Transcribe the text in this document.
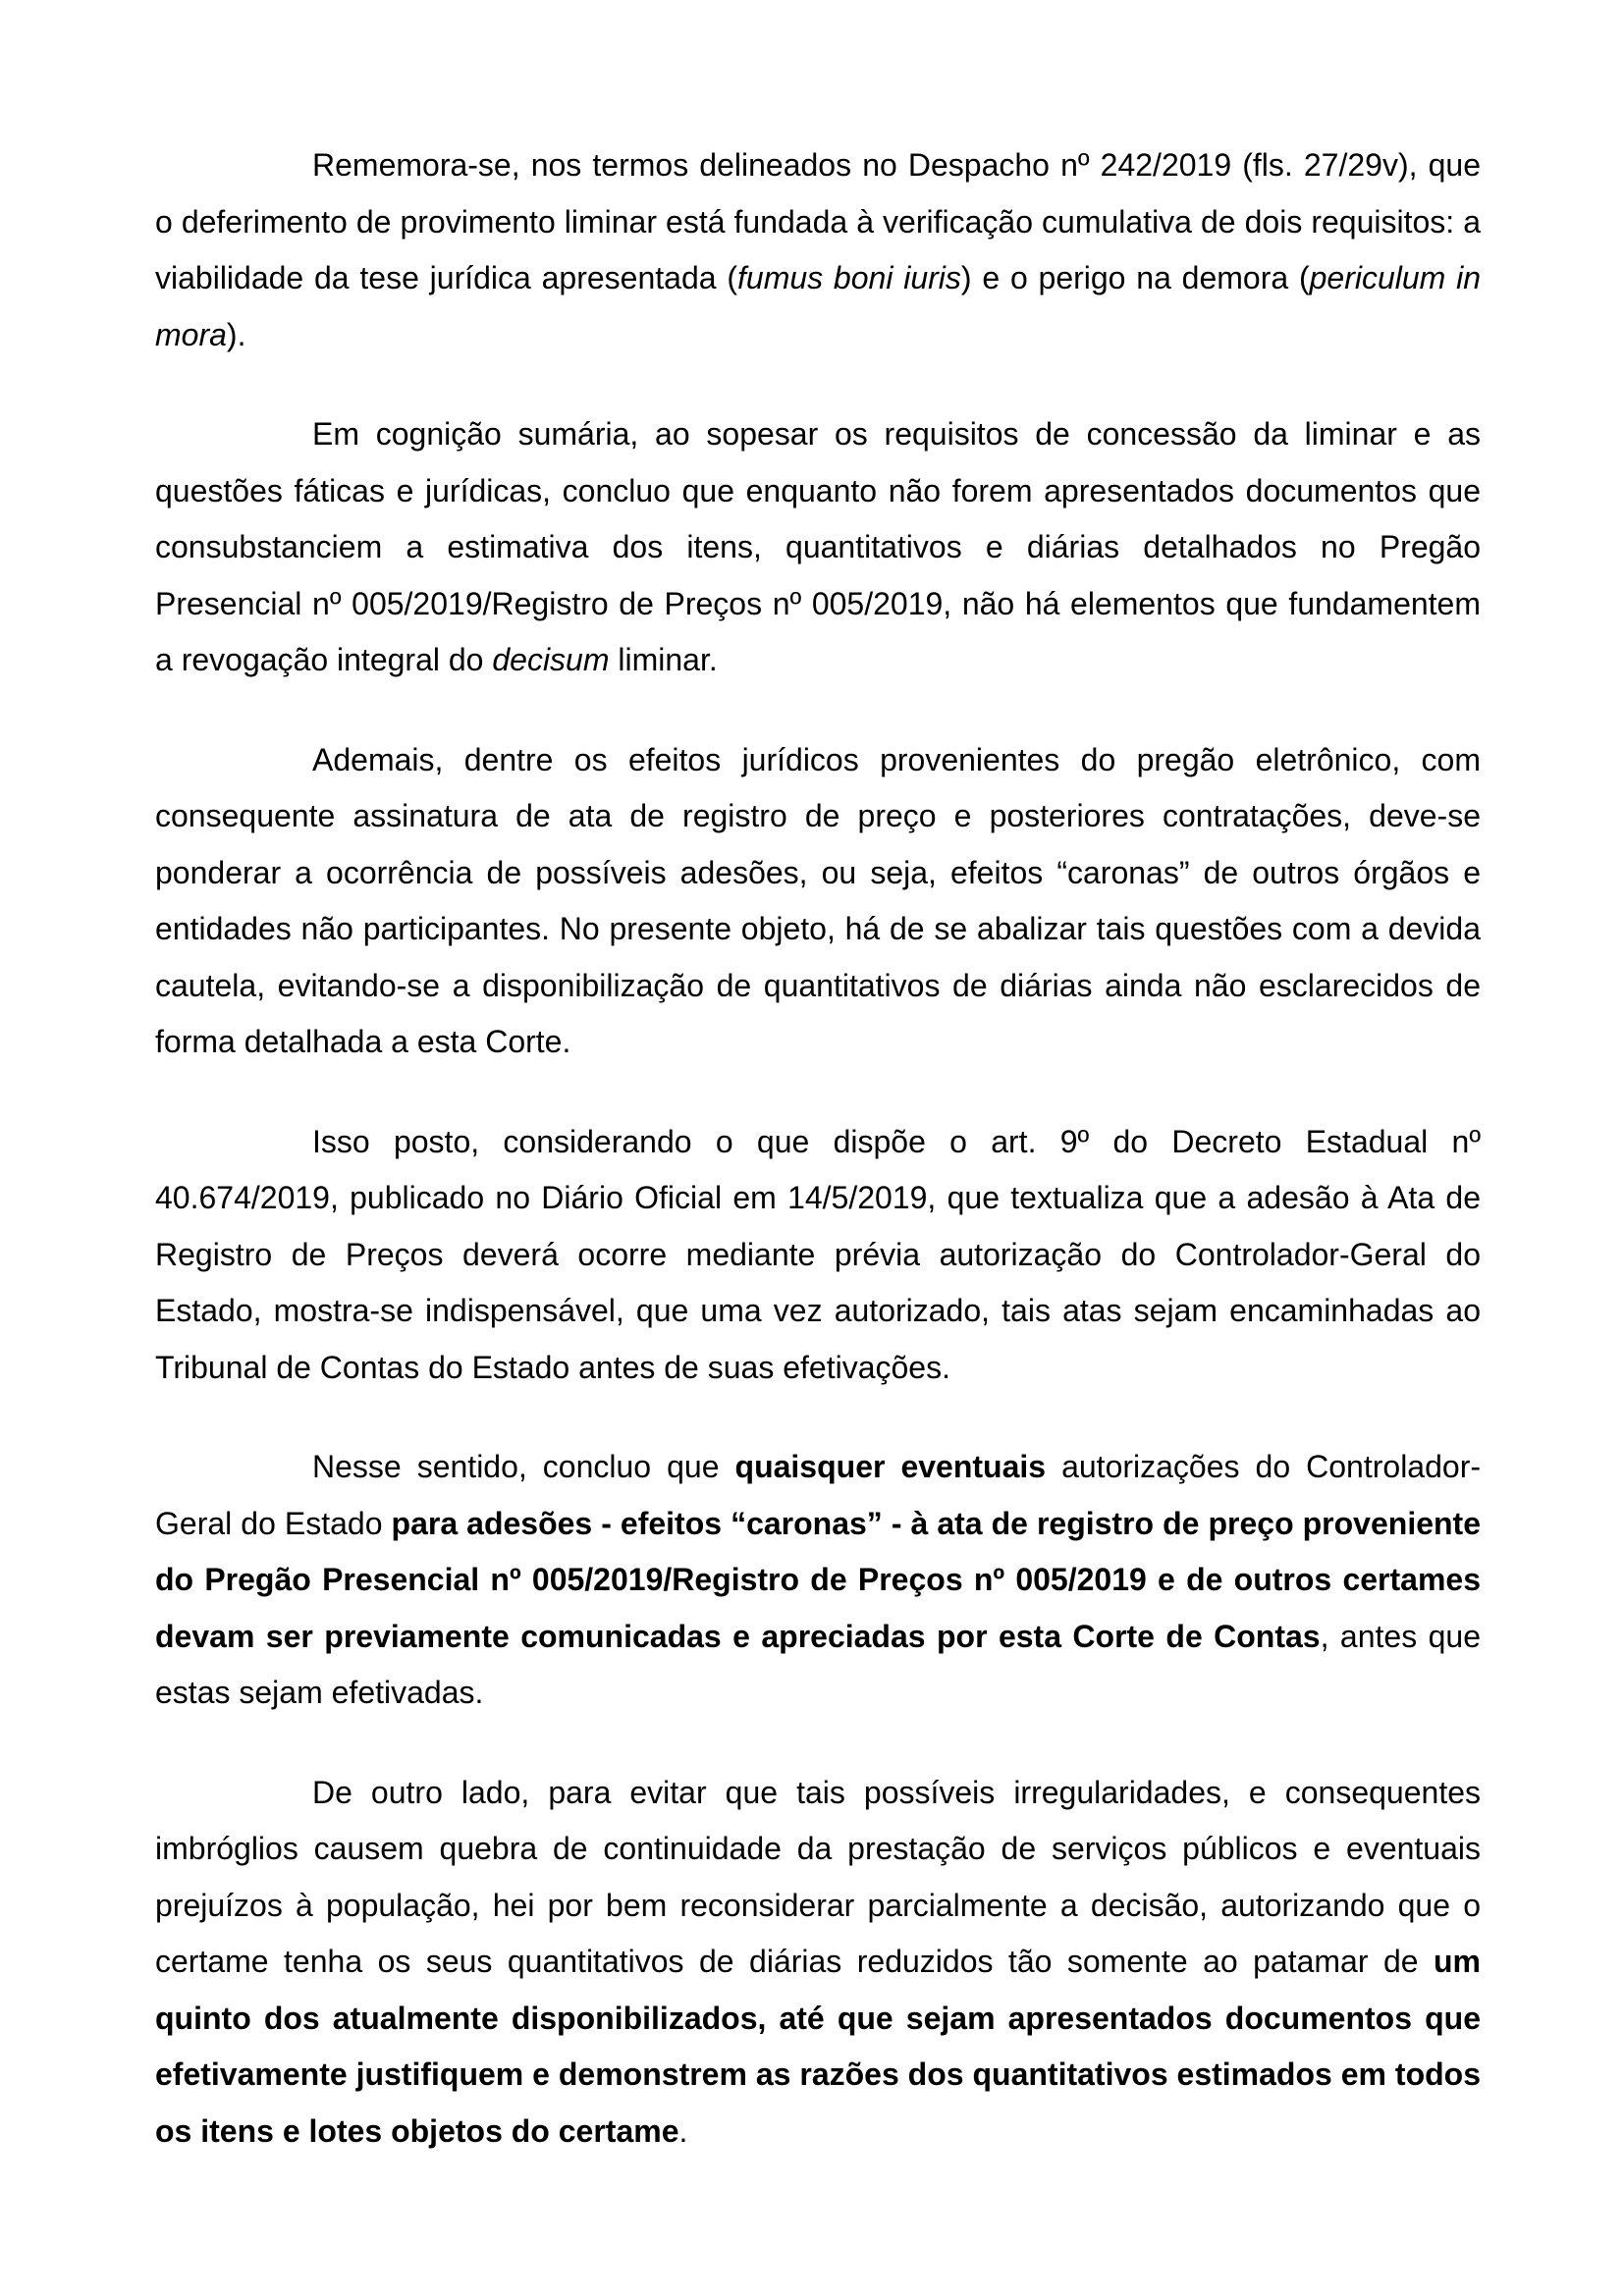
Rememora-se, nos termos delineados no Despacho nº 242/2019 (fls. 27/29v), que o deferimento de provimento liminar está fundada à verificação cumulativa de dois requisitos: a viabilidade da tese jurídica apresentada (fumus boni iuris) e o perigo na demora (periculum in mora).

Em cognição sumária, ao sopesar os requisitos de concessão da liminar e as questões fáticas e jurídicas, concluo que enquanto não forem apresentados documentos que consubstanciem a estimativa dos itens, quantitativos e diárias detalhados no Pregão Presencial nº 005/2019/Registro de Preços nº 005/2019, não há elementos que fundamentem a revogação integral do decisum liminar.

Ademais, dentre os efeitos jurídicos provenientes do pregão eletrônico, com consequente assinatura de ata de registro de preço e posteriores contratações, deve-se ponderar a ocorrência de possíveis adesões, ou seja, efeitos “caronas” de outros órgãos e entidades não participantes. No presente objeto, há de se abalizar tais questões com a devida cautela, evitando-se a disponibilização de quantitativos de diárias ainda não esclarecidos de forma detalhada a esta Corte.

Isso posto, considerando o que dispõe o art. 9º do Decreto Estadual nº 40.674/2019, publicado no Diário Oficial em 14/5/2019, que textualiza que a adesão à Ata de Registro de Preços deverá ocorre mediante prévia autorização do Controlador-Geral do Estado, mostra-se indispensável, que uma vez autorizado, tais atas sejam encaminhadas ao Tribunal de Contas do Estado antes de suas efetivações.

Nesse sentido, concluo que quaisquer eventuais autorizações do Controlador-Geral do Estado para adesões - efeitos “caronas” - à ata de registro de preço proveniente do Pregão Presencial nº 005/2019/Registro de Preços nº 005/2019 e de outros certames devam ser previamente comunicadas e apreciadas por esta Corte de Contas, antes que estas sejam efetivadas.

De outro lado, para evitar que tais possíveis irregularidades, e consequentes imbróglios causem quebra de continuidade da prestação de serviços públicos e eventuais prejuízos à população, hei por bem reconsiderar parcialmente a decisão, autorizando que o certame tenha os seus quantitativos de diárias reduzidos tão somente ao patamar de um quinto dos atualmente disponibilizados, até que sejam apresentados documentos que efetivamente justifiquem e demonstrem as razões dos quantitativos estimados em todos os itens e lotes objetos do certame.
